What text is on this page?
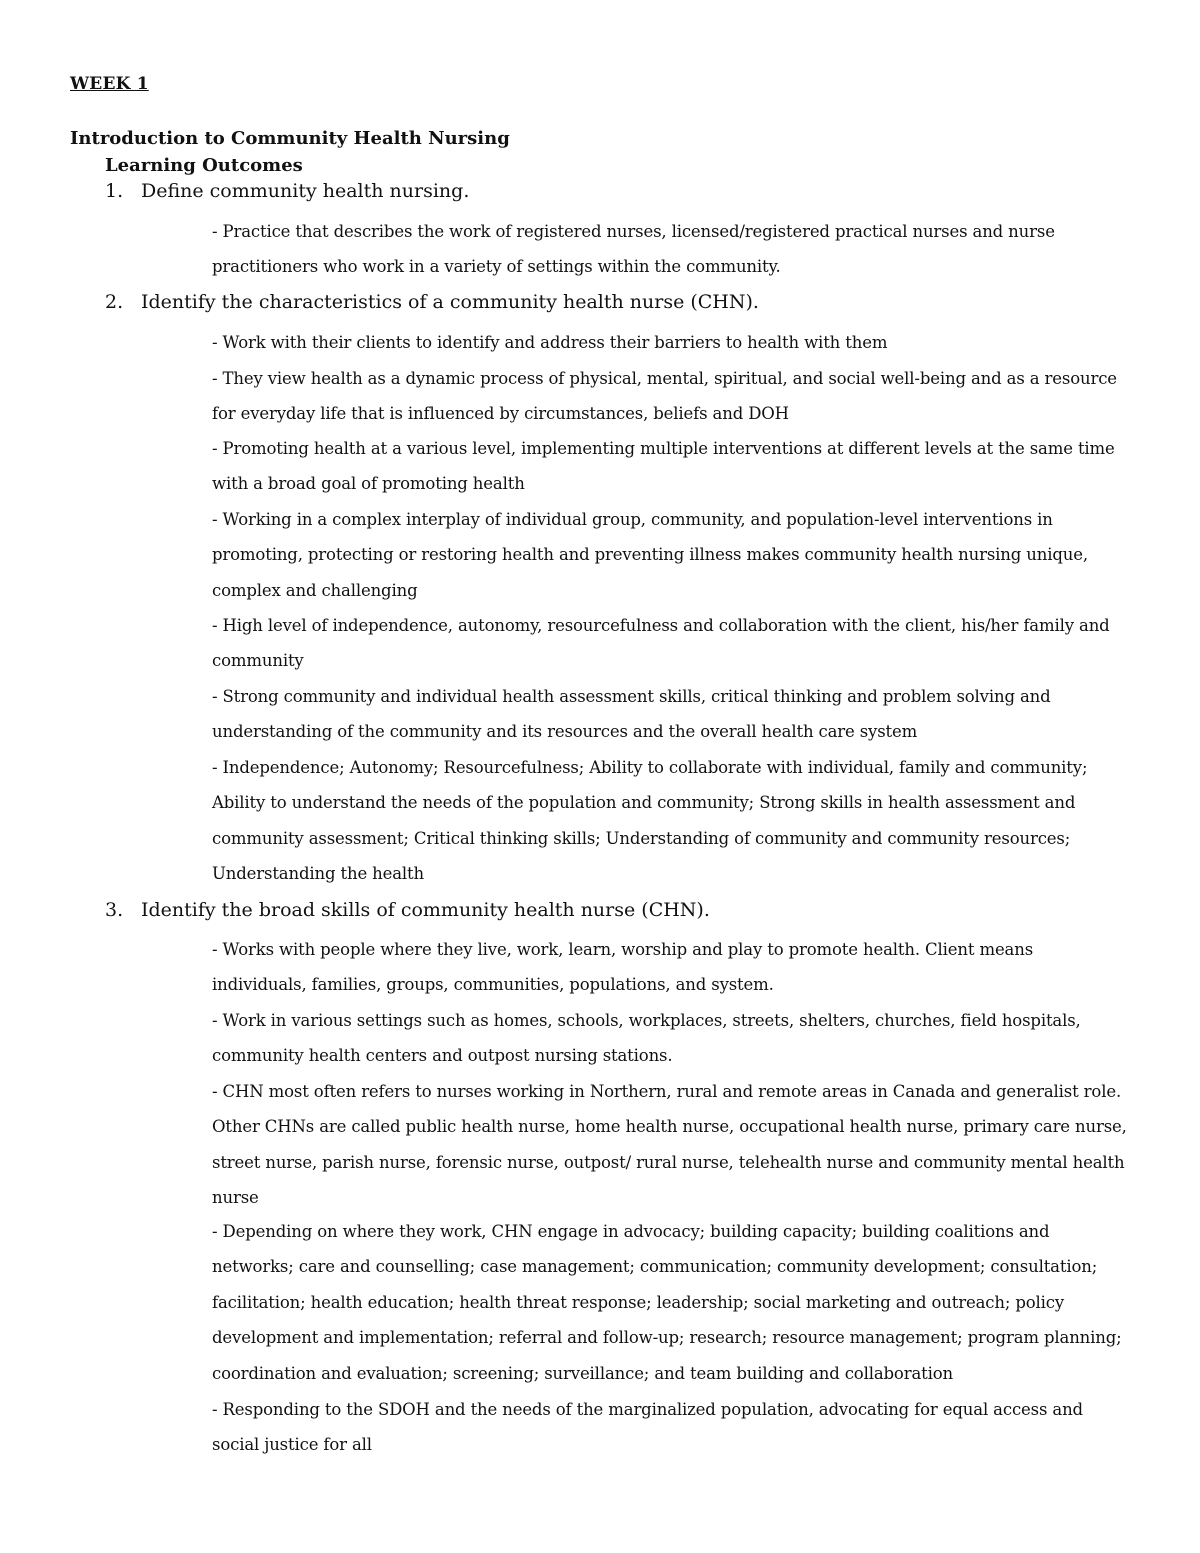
WEEK 1
Introduction to Community Health Nursing
Learning Outcomes
1. Define community health nursing.
- Practice that describes the work of registered nurses, licensed/registered practical nurses and nurse practitioners who work in a variety of settings within the community.
2. Identify the characteristics of a community health nurse (CHN).
- Work with their clients to identify and address their barriers to health with them
- They view health as a dynamic process of physical, mental, spiritual, and social well-being and as a resource for everyday life that is influenced by circumstances, beliefs and DOH
- Promoting health at a various level, implementing multiple interventions at different levels at the same time with a broad goal of promoting health
- Working in a complex interplay of individual group, community, and population-level interventions in promoting, protecting or restoring health and preventing illness makes community health nursing unique, complex and challenging
- High level of independence, autonomy, resourcefulness and collaboration with the client, his/her family and community
- Strong community and individual health assessment skills, critical thinking and problem solving and understanding of the community and its resources and the overall health care system
- Independence; Autonomy; Resourcefulness; Ability to collaborate with individual, family and community; Ability to understand the needs of the population and community; Strong skills in health assessment and community assessment; Critical thinking skills; Understanding of community and community resources; Understanding the health
3. Identify the broad skills of community health nurse (CHN).
- Works with people where they live, work, learn, worship and play to promote health. Client means individuals, families, groups, communities, populations, and system.
- Work in various settings such as homes, schools, workplaces, streets, shelters, churches, field hospitals, community health centers and outpost nursing stations.
- CHN most often refers to nurses working in Northern, rural and remote areas in Canada and generalist role. Other CHNs are called public health nurse, home health nurse, occupational health nurse, primary care nurse, street nurse, parish nurse, forensic nurse, outpost/ rural nurse, telehealth nurse and community mental health nurse
- Depending on where they work, CHN engage in advocacy; building capacity; building coalitions and networks; care and counselling; case management; communication; community development; consultation; facilitation; health education; health threat response; leadership; social marketing and outreach; policy development and implementation; referral and follow-up; research; resource management; program planning; coordination and evaluation; screening; surveillance; and team building and collaboration
- Responding to the SDOH and the needs of the marginalized population, advocating for equal access and social justice for all
